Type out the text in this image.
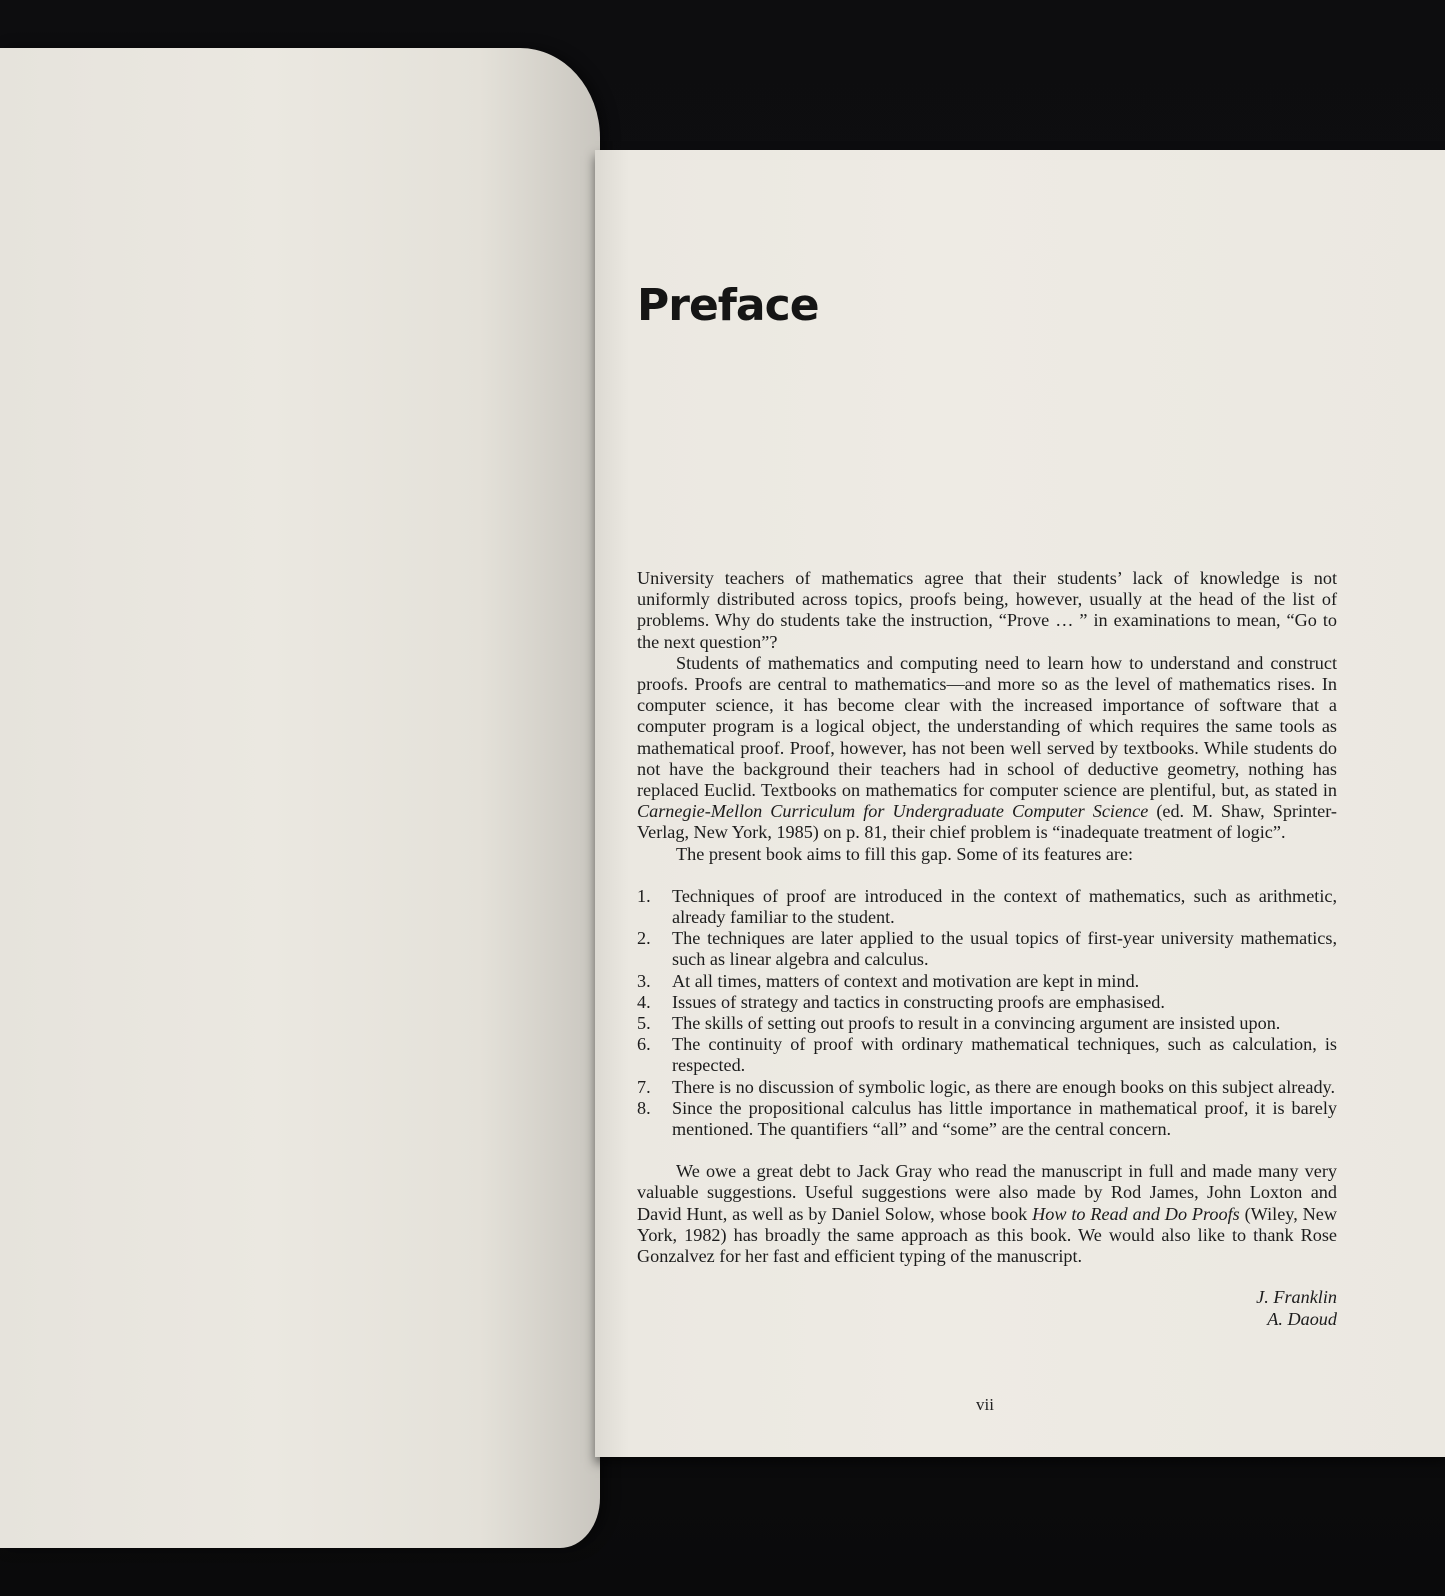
Preface

University teachers of mathematics agree that their students’ lack of knowledge is not uniformly distributed across topics, proofs being, however, usually at the head of the list of problems. Why do students take the instruction, “Prove … ” in examinations to mean, “Go to the next question”?

Students of mathematics and computing need to learn how to understand and construct proofs. Proofs are central to mathematics—and more so as the level of mathematics rises. In computer science, it has become clear with the increased importance of software that a computer program is a logical object, the understanding of which requires the same tools as mathematical proof. Proof, however, has not been well served by textbooks. While students do not have the background their teachers had in school of deductive geometry, nothing has replaced Euclid. Textbooks on mathematics for computer science are plentiful, but, as stated in Carnegie-Mellon Curriculum for Undergraduate Computer Science (ed. M. Shaw, Sprinter-Verlag, New York, 1985) on p. 81, their chief problem is “inadequate treatment of logic”.

The present book aims to fill this gap. Some of its features are:

1.	Techniques of proof are introduced in the context of mathematics, such as arithmetic, already familiar to the student.
2.	The techniques are later applied to the usual topics of first-year university mathematics, such as linear algebra and calculus.
3.	At all times, matters of context and motivation are kept in mind.
4.	Issues of strategy and tactics in constructing proofs are emphasised.
5.	The skills of setting out proofs to result in a convincing argument are insisted upon.
6.	The continuity of proof with ordinary mathematical techniques, such as calculation, is respected.
7.	There is no discussion of symbolic logic, as there are enough books on this subject already.
8.	Since the propositional calculus has little importance in mathematical proof, it is barely mentioned. The quantifiers “all” and “some” are the central concern.

We owe a great debt to Jack Gray who read the manuscript in full and made many very valuable suggestions. Useful suggestions were also made by Rod James, John Loxton and David Hunt, as well as by Daniel Solow, whose book How to Read and Do Proofs (Wiley, New York, 1982) has broadly the same approach as this book. We would also like to thank Rose Gonzalvez for her fast and efficient typing of the manuscript.

J. Franklin
A. Daoud
vii
